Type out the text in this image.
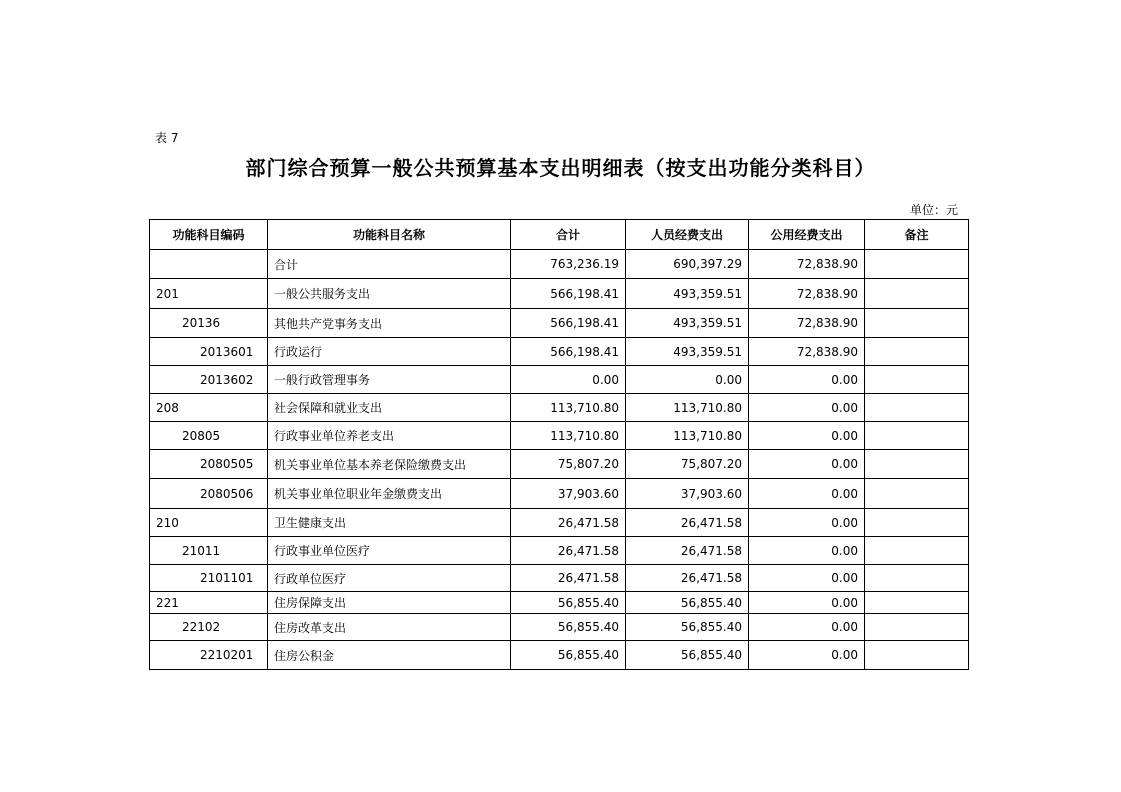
表 7
部门综合预算一般公共预算基本支出明细表（按支出功能分类科目）
单位：元
功能科目编码	功能科目名称	合计	人员经费支出	公用经费支出	备注
	合计	763,236.19	690,397.29	72,838.90	
201	一般公共服务支出	566,198.41	493,359.51	72,838.90	
20136	其他共产党事务支出	566,198.41	493,359.51	72,838.90	
2013601	行政运行	566,198.41	493,359.51	72,838.90	
2013602	一般行政管理事务	0.00	0.00	0.00	
208	社会保障和就业支出	113,710.80	113,710.80	0.00	
20805	行政事业单位养老支出	113,710.80	113,710.80	0.00	
2080505	机关事业单位基本养老保险缴费支出	75,807.20	75,807.20	0.00	
2080506	机关事业单位职业年金缴费支出	37,903.60	37,903.60	0.00	
210	卫生健康支出	26,471.58	26,471.58	0.00	
21011	行政事业单位医疗	26,471.58	26,471.58	0.00	
2101101	行政单位医疗	26,471.58	26,471.58	0.00	
221	住房保障支出	56,855.40	56,855.40	0.00	
22102	住房改革支出	56,855.40	56,855.40	0.00	
2210201	住房公积金	56,855.40	56,855.40	0.00	
